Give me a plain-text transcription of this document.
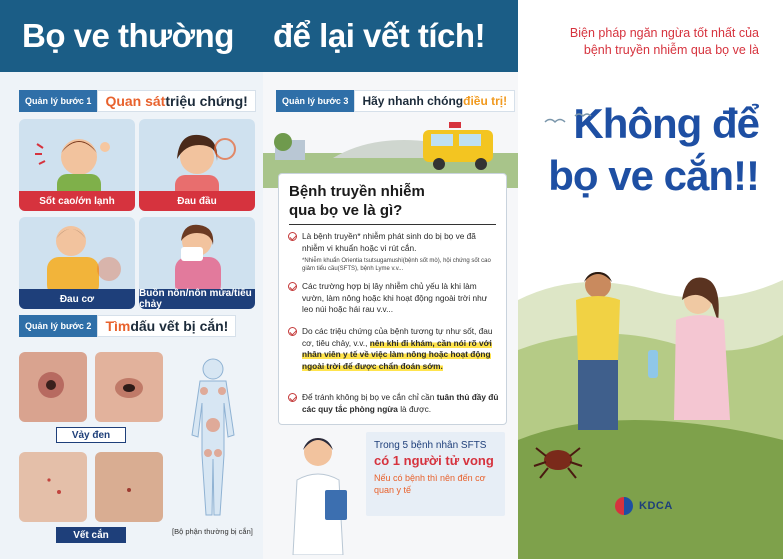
Bọ ve thường
Quản lý bước 1	Quan sát triệu chứng!
Sốt cao/ớn lạnh	Đau đầu
Đau cơ	Buồn nôn/nôn mửa/tiêu chảy
Quản lý bước 2	Tìm dấu vết bị cắn!
Vảy đen
Vết cắn	[Bộ phận thường bị cắn]
để lại vết tích!
Quản lý bước 3	Hãy nhanh chóng điều trị!
Bệnh truyền nhiễm
qua bọ ve là gì?

Là bệnh truyền* nhiễm phát sinh do bị bọ ve đã nhiễm vi khuẩn hoặc vi rút cắn.

*Nhiễm khuẩn Orientia tsutsugamushi(bệnh sốt mò), hội chứng sốt cao giảm tiểu cầu(SFTS), bệnh Lyme v.v...

Các trường hợp bị lây nhiễm chủ yếu là khi làm vườn, làm nông hoặc khi hoạt động ngoài trời như leo núi hoặc hái rau v.v...

Do các triệu chứng của bệnh tương tự như sốt, đau cơ, tiêu chảy, v.v., nên khi đi khám, cần nói rõ với nhân viên y tế về việc làm nông hoặc hoạt động ngoài trời để được chẩn đoán sớm.

Để tránh không bị bọ ve cắn chỉ cần tuân thủ đầy đủ các quy tắc phòng ngừa là được.

Trong 5 bệnh nhân SFTS
có 1 người tử vong
Nếu có bệnh thì nên đến cơ quan y tế
Biện pháp ngăn ngừa tốt nhất của bệnh truyền nhiễm qua bọ ve là
Không để
bọ ve cắn!!
KDCA
